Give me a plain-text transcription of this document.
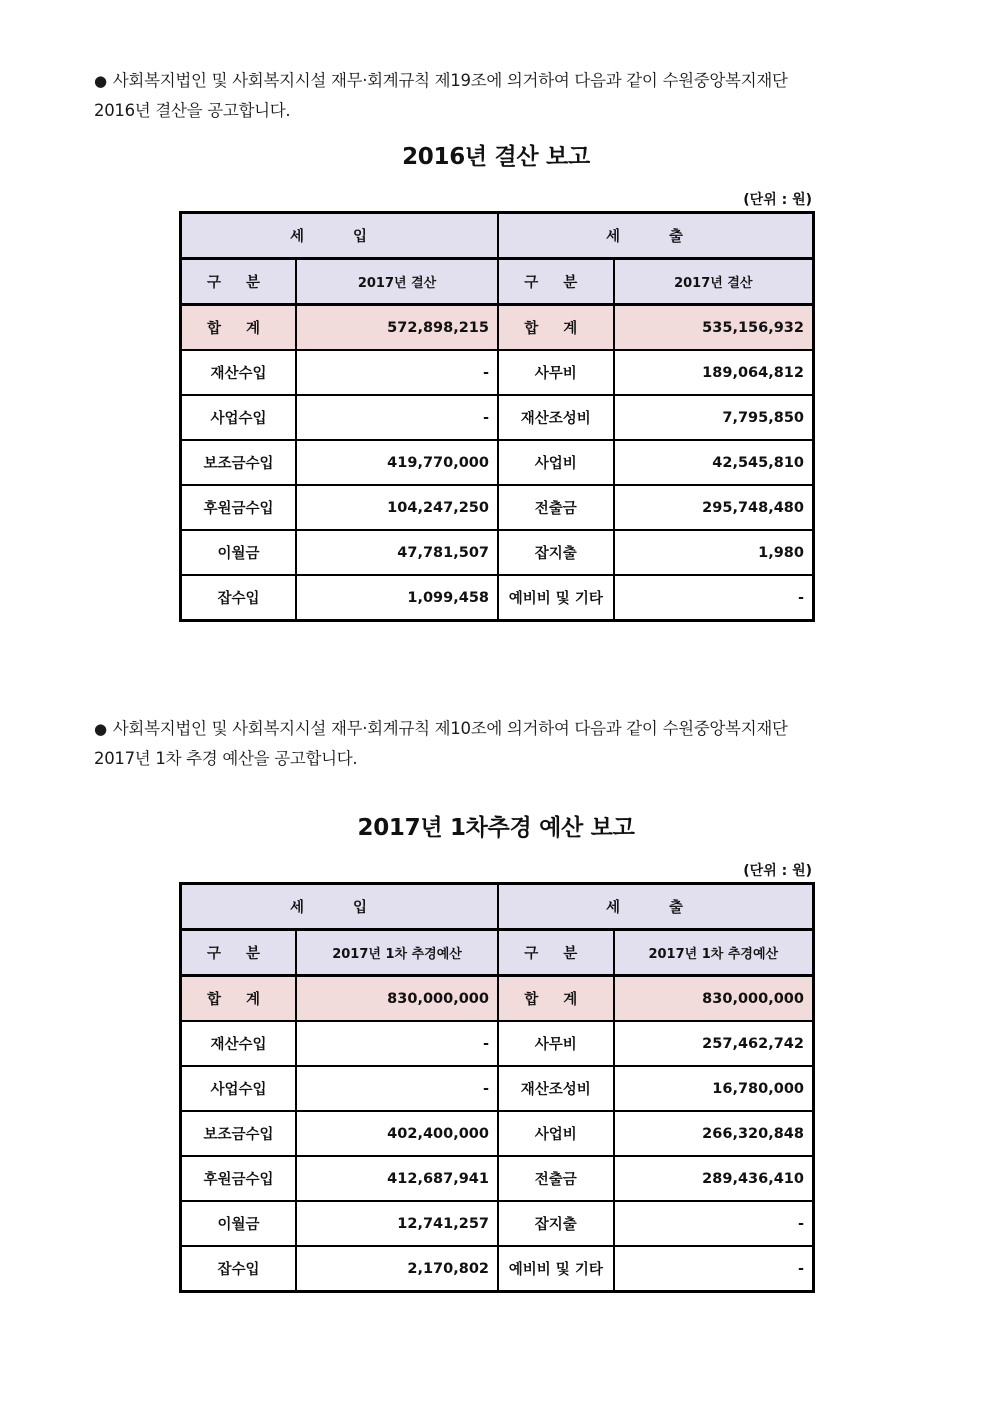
● 사회복지법인 및 사회복지시설 재무·회계규칙 제19조에 의거하여 다음과 같이 수원중앙복지재단
2016년 결산을 공고합니다.
2016년 결산 보고
(단위 : 원)
세 입		세 출	
구 분	2017년 결산	구 분	2017년 결산
합 계	572,898,215	합 계	535,156,932
재산수입	-	사무비	189,064,812
사업수입	-	재산조성비	7,795,850
보조금수입	419,770,000	사업비	42,545,810
후원금수입	104,247,250	전출금	295,748,480
이월금	47,781,507	잡지출	1,980
잡수입	1,099,458	예비비 및 기타	-
● 사회복지법인 및 사회복지시설 재무·회계규칙 제10조에 의거하여 다음과 같이 수원중앙복지재단
2017년 1차 추경 예산을 공고합니다.
2017년 1차추경 예산 보고
(단위 : 원)
세 입		세 출	
구 분	2017년 1차 추경예산	구 분	2017년 1차 추경예산
합 계	830,000,000	합 계	830,000,000
재산수입	-	사무비	257,462,742
사업수입	-	재산조성비	16,780,000
보조금수입	402,400,000	사업비	266,320,848
후원금수입	412,687,941	전출금	289,436,410
이월금	12,741,257	잡지출	-
잡수입	2,170,802	예비비 및 기타	-
